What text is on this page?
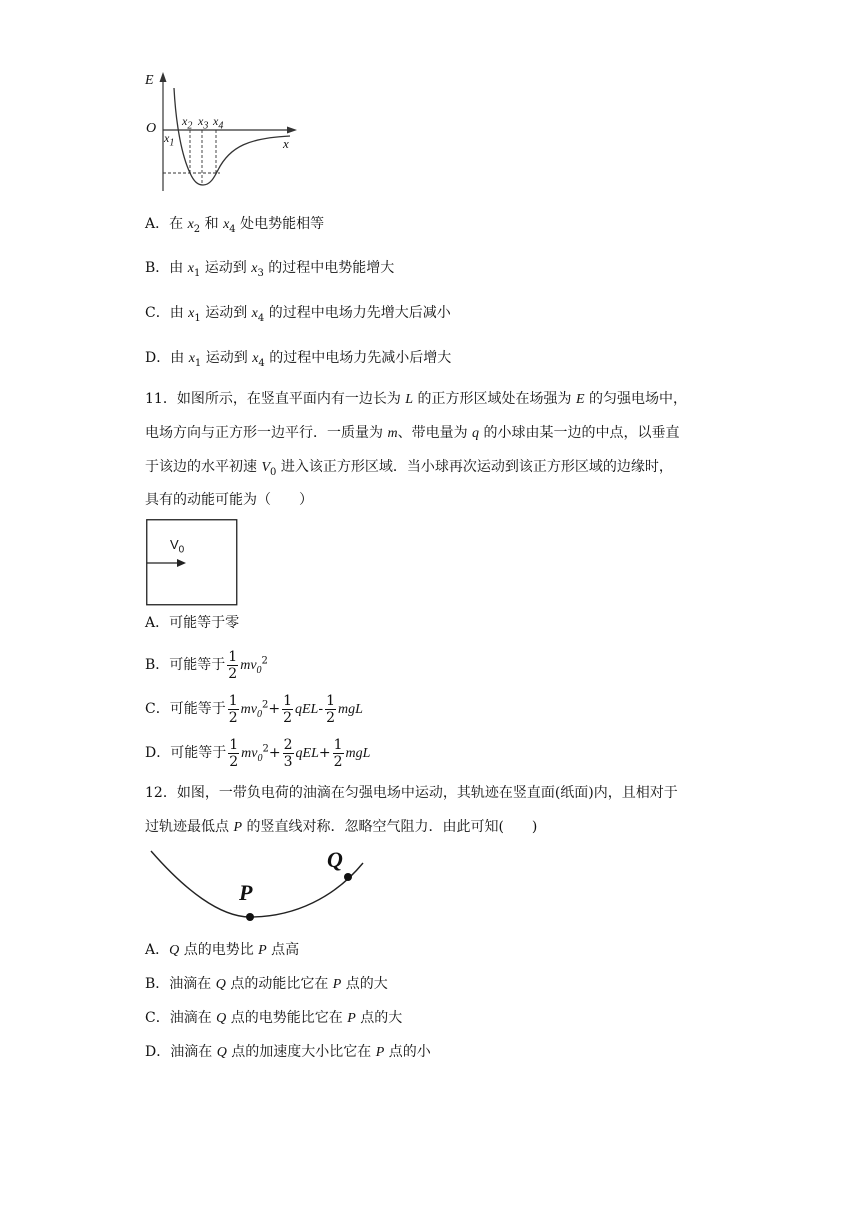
E
O
x
$x_1$
$x_2$ $x_3$ $x_4$
A．在 $x_2$ 和 $x_4$ 处电势能相等
B．由 $x_1$ 运动到 $x_3$ 的过程中电势能增大
C．由 $x_1$ 运动到 $x_4$ 的过程中电场力先增大后减小
D．由 $x_1$ 运动到 $x_4$ 的过程中电场力先减小后增大
11．如图所示，在竖直平面内有一边长为 L 的正方形区域处在场强为 E 的匀强电场中，
电场方向与正方形一边平行．一质量为 m、带电量为 q 的小球由某一边的中点，以垂直
于该边的水平初速 $V_0$ 进入该正方形区域．当小球再次运动到该正方形区域的边缘时，
具有的动能可能为（　　）
$V_0$
A．可能等于零
B．可能等于 $\frac{1}{2} mv_0^2$
C．可能等于 $\frac{1}{2} mv_0^2+ \frac{1}{2} qEL- \frac{1}{2}$ mgL
D．可能等于 $\frac{1}{2} mv_0^2+ \frac{2}{3} qEL+ \frac{1}{2}$ mgL
12．如图，一带负电荷的油滴在匀强电场中运动，其轨迹在竖直面(纸面)内，且相对于
过轨迹最低点 P 的竖直线对称．忽略空气阻力．由此可知(　　)
P
Q
A．Q 点的电势比 P 点高
B．油滴在 Q 点的动能比它在 P 点的大
C．油滴在 Q 点的电势能比它在 P 点的大
D．油滴在 Q 点的加速度大小比它在 P 点的小
